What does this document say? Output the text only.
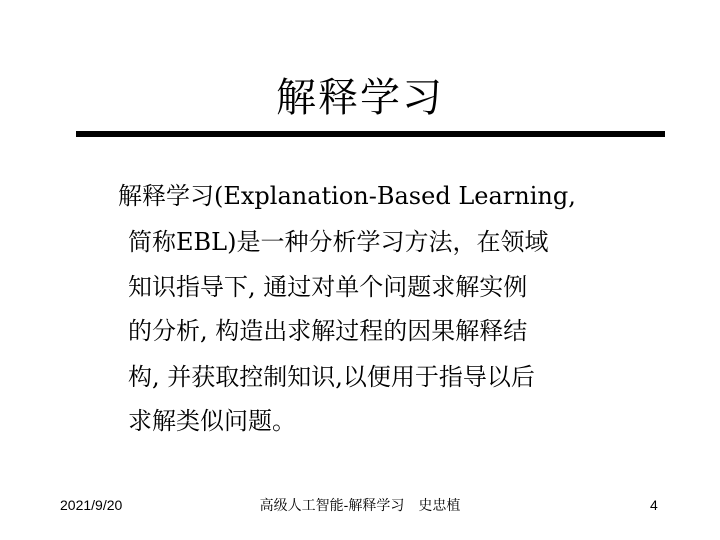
解释学习
解释学习(Explanation-Based Learning,
简称EBL)是一种分析学习方法，在领域
知识指导下, 通过对单个问题求解实例
的分析, 构造出求解过程的因果解释结
构, 并获取控制知识,以便用于指导以后
求解类似问题。
2021/9/20	高级人工智能-解释学习　史忠植	4
